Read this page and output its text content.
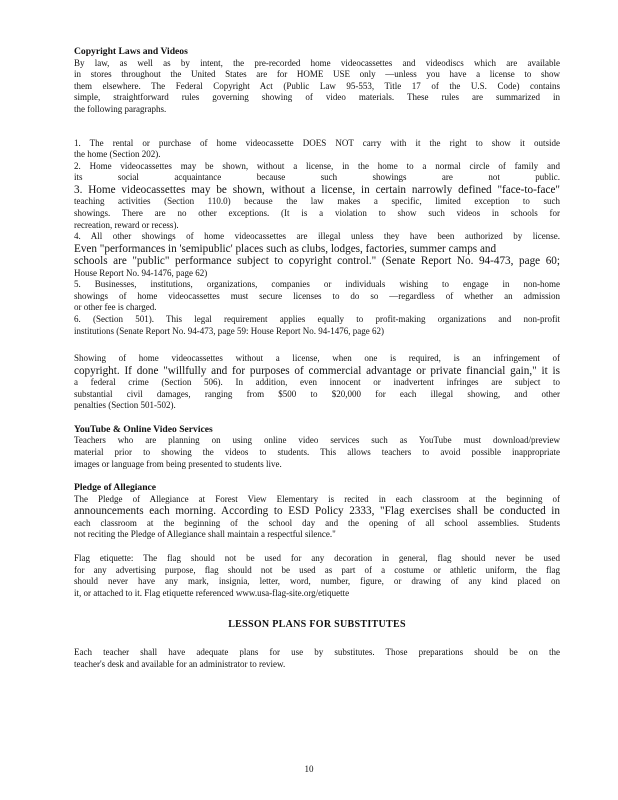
Copyright Laws and Videos

By law, as well as by intent, the pre-recorded home videocassettes and videodiscs which are available

in stores throughout the United States are for HOME USE only —unless you have a license to show

them elsewhere. The Federal Copyright Act (Public Law 95-553, Title 17 of the U.S. Code) contains

simple, straightforward rules governing showing of video materials. These rules are summarized in

the following paragraphs.

1. The rental or purchase of home videocassette DOES NOT carry with it the right to show it outside

the home (Section 202).

2. Home videocassettes may be shown, without a license, in the home to a normal circle of family and

its social acquaintance because such showings are not public.

3. Home videocassettes may be shown, without a license, in certain narrowly defined "face-to-face"

teaching activities (Section 110.0) because the law makes a specific, limited exception to such

showings. There are no other exceptions. (It is a violation to show such videos in schools for

recreation, reward or recess).

4. All other showings of home videocassettes are illegal unless they have been authorized by license.

Even "performances in 'semipublic' places such as clubs, lodges, factories, summer camps and

schools are "public" performance subject to copyright control." (Senate Report No. 94-473, page 60;

House Report No. 94-1476, page 62)

5. Businesses, institutions, organizations, companies or individuals wishing to engage in non-home

showings of home videocassettes must secure licenses to do so —regardless of whether an admission

or other fee is charged.

6. (Section 501). This legal requirement applies equally to profit-making organizations and non-profit

institutions (Senate Report No. 94-473, page 59: House Report No. 94-1476, page 62)

Showing of home videocassettes without a license, when one is required, is an infringement of

copyright. If done "willfully and for purposes of commercial advantage or private financial gain," it is

a federal crime (Section 506). In addition, even innocent or inadvertent infringes are subject to

substantial civil damages, ranging from $500 to $20,000 for each illegal showing, and other

penalties (Section 501-502).

YouTube & Online Video Services

Teachers who are planning on using online video services such as YouTube must download/preview

material prior to showing the videos to students. This allows teachers to avoid possible inappropriate

images or language from being presented to students live.

Pledge of Allegiance

The Pledge of Allegiance at Forest View Elementary is recited in each classroom at the beginning of

announcements each morning. According to ESD Policy 2333, "Flag exercises shall be conducted in

each classroom at the beginning of the school day and the opening of all school assemblies. Students

not reciting the Pledge of Allegiance shall maintain a respectful silence."

Flag etiquette: The flag should not be used for any decoration in general, flag should never be used

for any advertising purpose, flag should not be used as part of a costume or athletic uniform, the flag

should never have any mark, insignia, letter, word, number, figure, or drawing of any kind placed on

it, or attached to it. Flag etiquette referenced www.usa-flag-site.org/etiquette

LESSON PLANS FOR SUBSTITUTES

Each teacher shall have adequate plans for use by substitutes. Those preparations should be on the

teacher's desk and available for an administrator to review.

10
